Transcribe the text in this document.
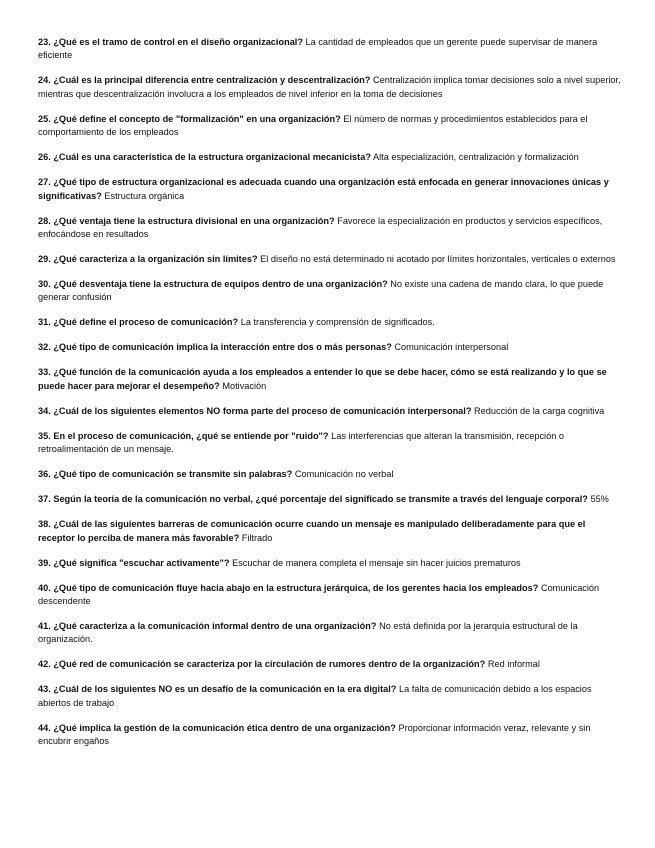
23. ¿Qué es el tramo de control en el diseño organizacional? La cantidad de empleados que un gerente puede supervisar de manera eficiente

24. ¿Cuál es la principal diferencia entre centralización y descentralización? Centralización implica tomar decisiones solo a nivel superior, mientras que descentralización involucra a los empleados de nivel inferior en la toma de decisiones

25. ¿Qué define el concepto de "formalización" en una organización? El número de normas y procedimientos establecidos para el comportamiento de los empleados

26. ¿Cuál es una característica de la estructura organizacional mecanicista? Alta especialización, centralización y formalización

27. ¿Qué tipo de estructura organizacional es adecuada cuando una organización está enfocada en generar innovaciones únicas y significativas? Estructura orgánica

28. ¿Qué ventaja tiene la estructura divisional en una organización? Favorece la especialización en productos y servicios específicos, enfocándose en resultados

29. ¿Qué caracteriza a la organización sin límites? El diseño no está determinado ni acotado por límites horizontales, verticales o externos

30. ¿Qué desventaja tiene la estructura de equipos dentro de una organización? No existe una cadena de mando clara, lo que puede generar confusión

31. ¿Qué define el proceso de comunicación? La transferencia y comprensión de significados.

32. ¿Qué tipo de comunicación implica la interacción entre dos o más personas? Comunicación interpersonal

33. ¿Qué función de la comunicación ayuda a los empleados a entender lo que se debe hacer, cómo se está realizando y lo que se puede hacer para mejorar el desempeño? Motivación

34. ¿Cuál de los siguientes elementos NO forma parte del proceso de comunicación interpersonal? Reducción de la carga cognitiva

35. En el proceso de comunicación, ¿qué se entiende por "ruido"? Las interferencias que alteran la transmisión, recepción o retroalimentación de un mensaje.

36. ¿Qué tipo de comunicación se transmite sin palabras? Comunicación no verbal

37. Según la teoría de la comunicación no verbal, ¿qué porcentaje del significado se transmite a través del lenguaje corporal? 55%

38. ¿Cuál de las siguientes barreras de comunicación ocurre cuando un mensaje es manipulado deliberadamente para que el receptor lo perciba de manera más favorable? Filtrado

39. ¿Qué significa "escuchar activamente"? Escuchar de manera completa el mensaje sin hacer juicios prematuros

40. ¿Qué tipo de comunicación fluye hacia abajo en la estructura jerárquica, de los gerentes hacia los empleados? Comunicación descendente

41. ¿Qué caracteriza a la comunicación informal dentro de una organización? No está definida por la jerarquía estructural de la organización.

42. ¿Qué red de comunicación se caracteriza por la circulación de rumores dentro de la organización? Red informal

43. ¿Cuál de los siguientes NO es un desafío de la comunicación en la era digital? La falta de comunicación debido a los espacios abiertos de trabajo

44. ¿Qué implica la gestión de la comunicación ética dentro de una organización? Proporcionar información veraz, relevante y sin encubrir engaños
